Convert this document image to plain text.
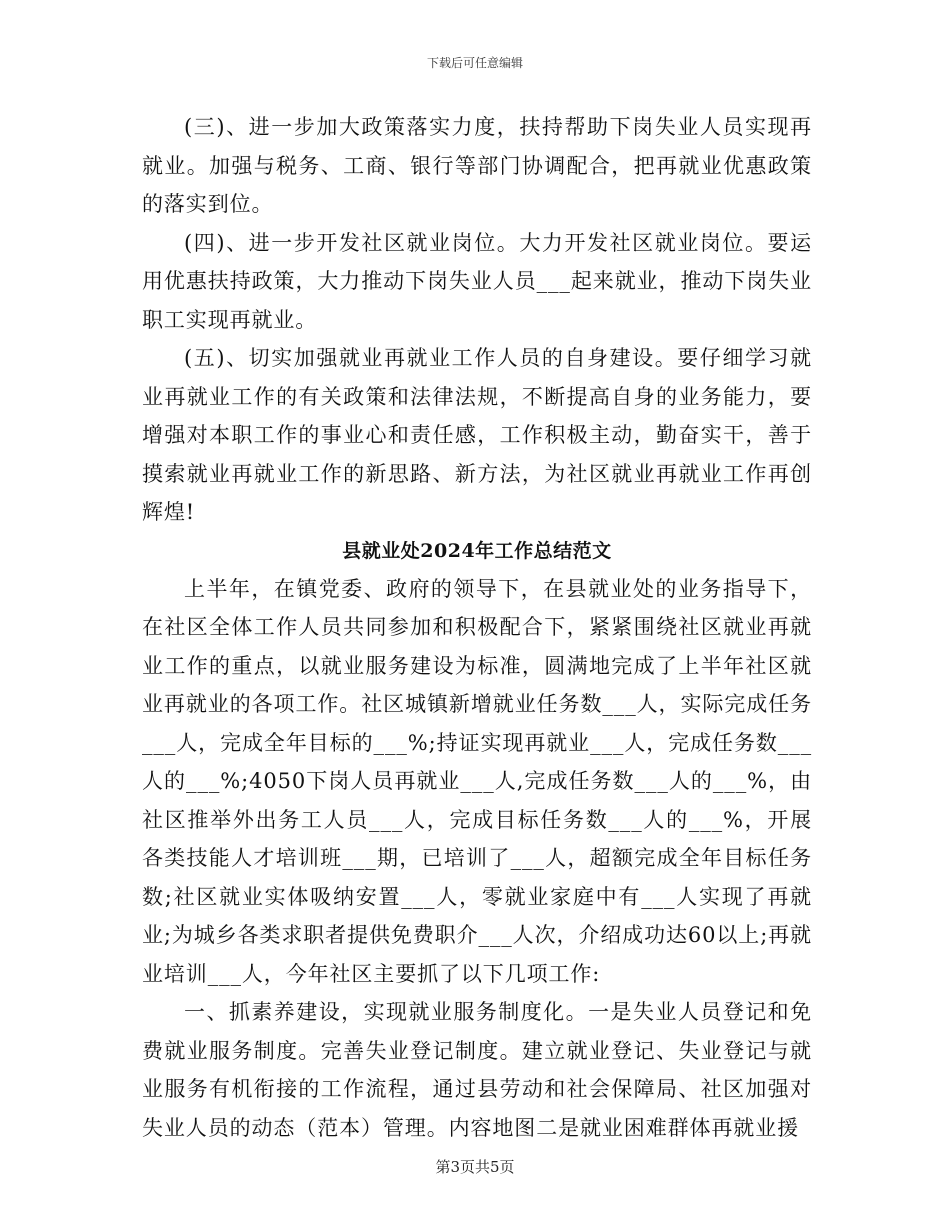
下载后可任意编辑

(三)、进一步加大政策落实力度，扶持帮助下岗失业人员实现再就业。加强与税务、工商、银行等部门协调配合，把再就业优惠政策的落实到位。

(四)、进一步开发社区就业岗位。大力开发社区就业岗位。要运用优惠扶持政策，大力推动下岗失业人员___起来就业，推动下岗失业职工实现再就业。

(五)、切实加强就业再就业工作人员的自身建设。要仔细学习就业再就业工作的有关政策和法律法规，不断提高自身的业务能力，要增强对本职工作的事业心和责任感，工作积极主动，勤奋实干，善于摸索就业再就业工作的新思路、新方法，为社区就业再就业工作再创辉煌!

县就业处2024年工作总结范文

上半年，在镇党委、政府的领导下，在县就业处的业务指导下，在社区全体工作人员共同参加和积极配合下，紧紧围绕社区就业再就业工作的重点，以就业服务建设为标准，圆满地完成了上半年社区就业再就业的各项工作。社区城镇新增就业任务数___人，实际完成任务___人，完成全年目标的___%;持证实现再就业___人，完成任务数___人的___%;4050下岗人员再就业___人,完成任务数___人的___%，由社区推举外出务工人员___人，完成目标任务数___人的___%，开展各类技能人才培训班___期，已培训了___人，超额完成全年目标任务数;社区就业实体吸纳安置___人，零就业家庭中有___人实现了再就业;为城乡各类求职者提供免费职介___人次，介绍成功达60以上;再就业培训___人，今年社区主要抓了以下几项工作:

一、抓素养建设，实现就业服务制度化。一是失业人员登记和免费就业服务制度。完善失业登记制度。建立就业登记、失业登记与就业服务有机衔接的工作流程，通过县劳动和社会保障局、社区加强对失业人员的动态（范本）管理。内容地图二是就业困难群体再就业援

第3页共5页
